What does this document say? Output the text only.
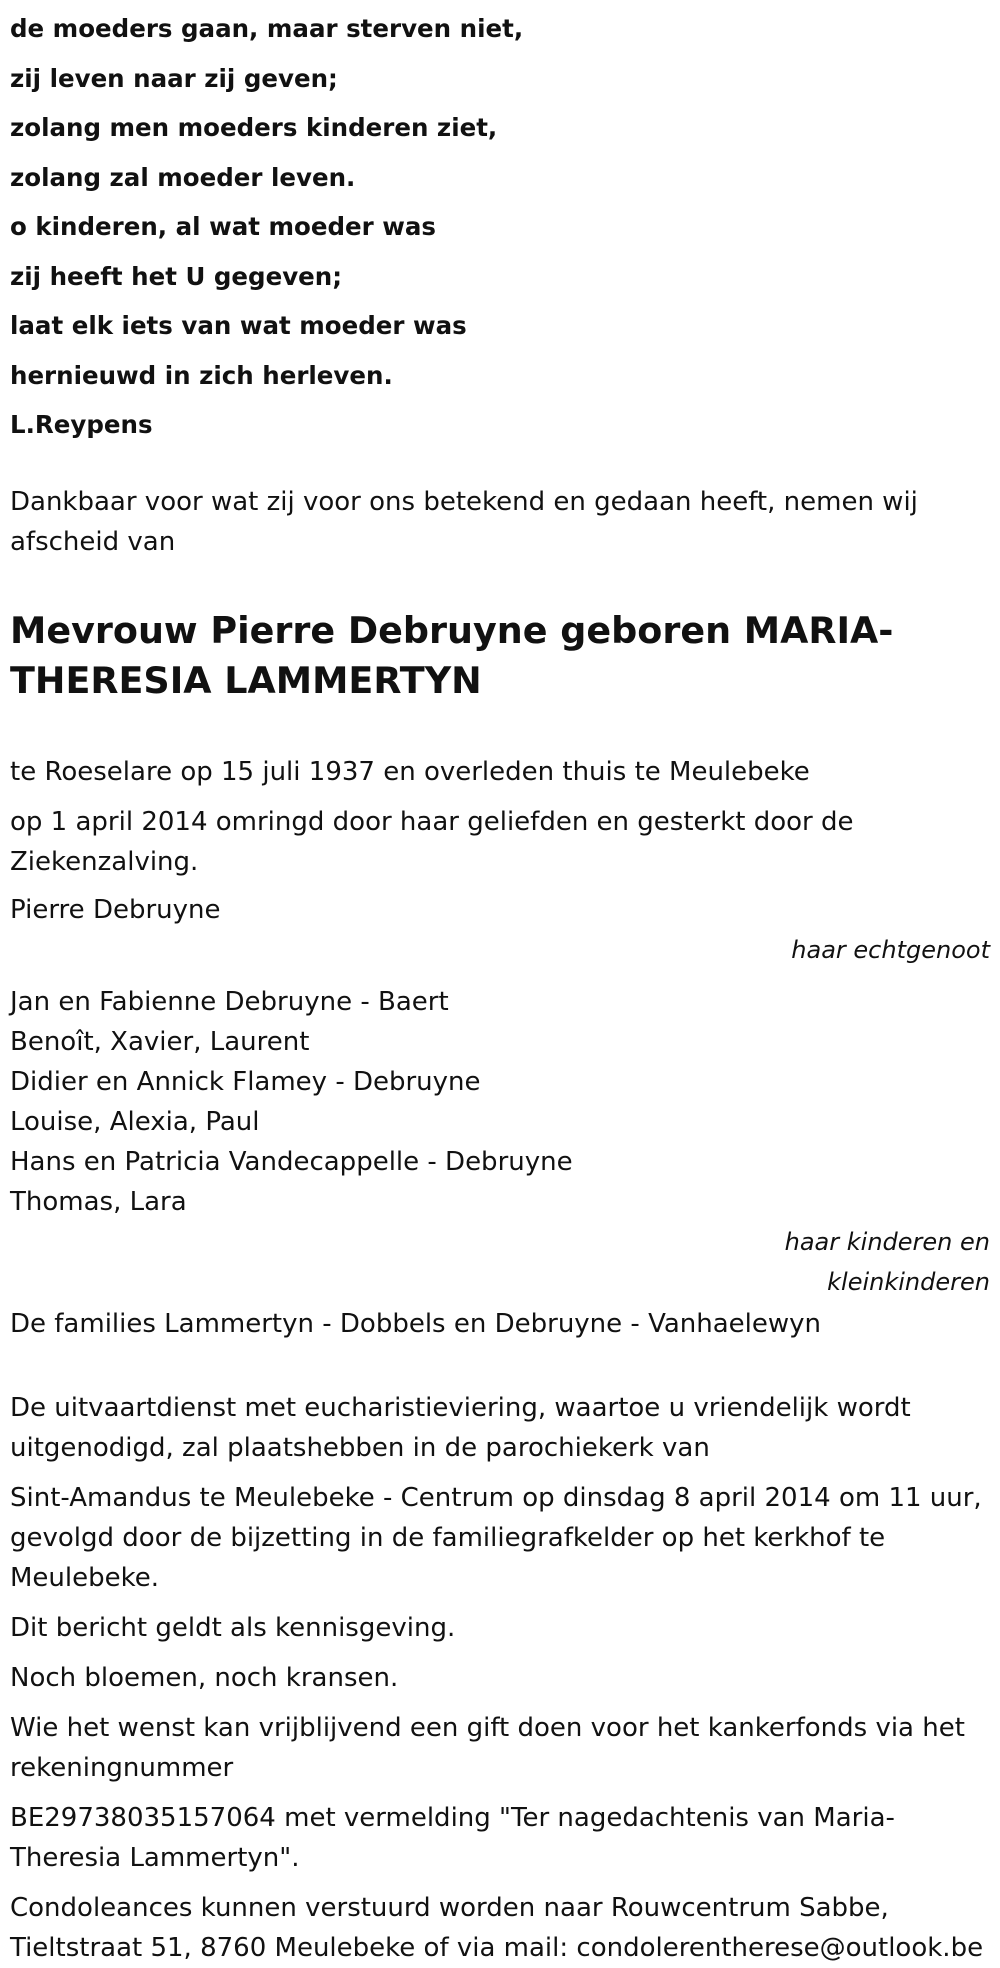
de moeders gaan, maar sterven niet,

zij leven naar zij geven;

zolang men moeders kinderen ziet,

zolang zal moeder leven.

o kinderen, al wat moeder was

zij heeft het U gegeven;

laat elk iets van wat moeder was

hernieuwd in zich herleven.

L.Reypens

Dankbaar voor wat zij voor ons betekend en gedaan heeft, nemen wij afscheid van

Mevrouw Pierre Debruyne geboren MARIA-THERESIA LAMMERTYN

te Roeselare op 15 juli 1937 en overleden thuis te Meulebeke

op 1 april 2014 omringd door haar geliefden en gesterkt door de Ziekenzalving.

Pierre Debruyne

haar echtgenoot

Jan en Fabienne Debruyne - Baert

Benoît, Xavier, Laurent

Didier en Annick Flamey - Debruyne

Louise, Alexia, Paul

Hans en Patricia Vandecappelle - Debruyne

Thomas, Lara

haar kinderen en kleinkinderen

De families Lammertyn - Dobbels en Debruyne - Vanhaelewyn

De uitvaartdienst met eucharistieviering, waartoe u vriendelijk wordt uitgenodigd, zal plaatshebben in de parochiekerk van

Sint-Amandus te Meulebeke - Centrum op dinsdag 8 april 2014 om 11 uur, gevolgd door de bijzetting in de familiegrafkelder op het kerkhof te Meulebeke.

Dit bericht geldt als kennisgeving.

Noch bloemen, noch kransen.

Wie het wenst kan vrijblijvend een gift doen voor het kankerfonds via het rekeningnummer

BE29738035157064 met vermelding "Ter nagedachtenis van Maria-Theresia Lammertyn".

Condoleances kunnen verstuurd worden naar Rouwcentrum Sabbe, Tieltstraat 51, 8760 Meulebeke of via mail: condolerentherese@outlook.be
